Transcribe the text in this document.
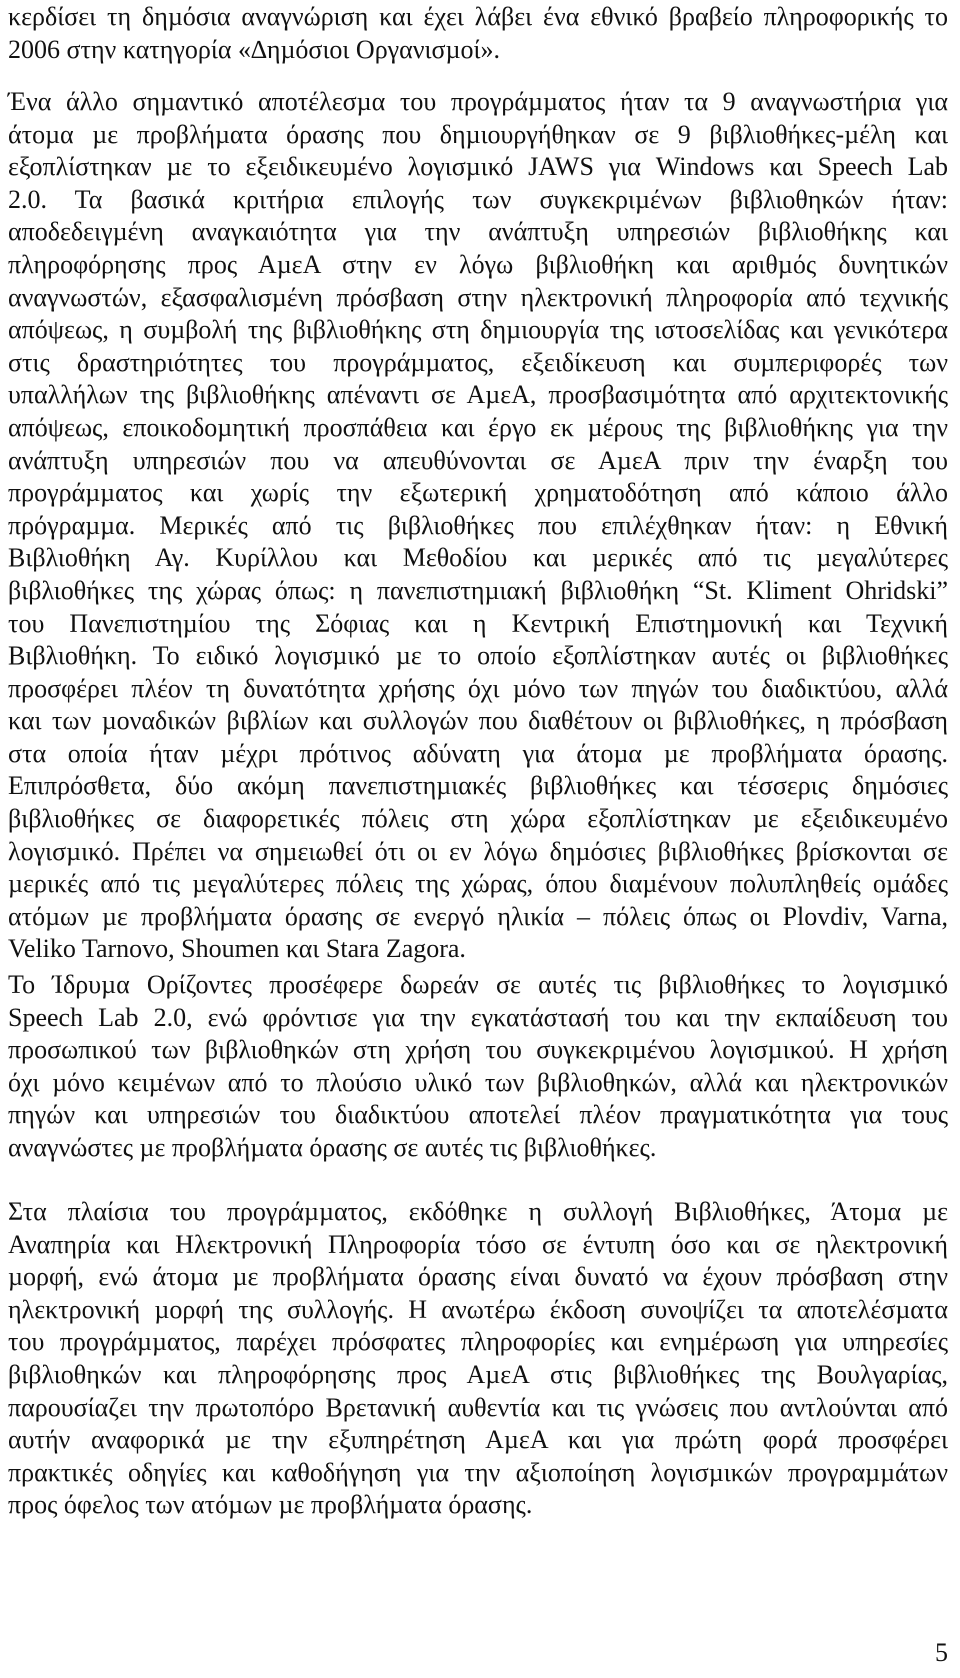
κερδίσει τη δηµόσια αναγνώριση και έχει λάβει ένα εθνικό βραβείο πληροφορικής το
2006 στην κατηγορία «∆ηµόσιοι Οργανισµοί».
Ένα άλλο σηµαντικό αποτέλεσµα του προγράµµατος ήταν τα 9 αναγνωστήρια για
άτοµα µε προβλήµατα όρασης που δηµιουργήθηκαν σε 9 βιβλιοθήκες-µέλη και
εξοπλίστηκαν µε το εξειδικευµένο λογισµικό JAWS για Windows και Speech Lab
2.0. Τα βασικά κριτήρια επιλογής των συγκεκριµένων βιβλιοθηκών ήταν:
αποδεδειγµένη αναγκαιότητα για την ανάπτυξη υπηρεσιών βιβλιοθήκης και
πληροφόρησης προς ΑµεΑ στην εν λόγω βιβλιοθήκη και αριθµός δυνητικών
αναγνωστών, εξασφαλισµένη πρόσβαση στην ηλεκτρονική πληροφορία από τεχνικής
απόψεως, η συµβολή της βιβλιοθήκης στη δηµιουργία της ιστοσελίδας και γενικότερα
στις δραστηριότητες του προγράµµατος, εξειδίκευση και συµπεριφορές των
υπαλλήλων της βιβλιοθήκης απέναντι σε ΑµεΑ, προσβασιµότητα από αρχιτεκτονικής
απόψεως, εποικοδοµητική προσπάθεια και έργο εκ µέρους της βιβλιοθήκης για την
ανάπτυξη υπηρεσιών που να απευθύνονται σε ΑµεΑ πριν την έναρξη του
προγράµµατος και χωρίς την εξωτερική χρηµατοδότηση από κάποιο άλλο
πρόγραµµα. Μερικές από τις βιβλιοθήκες που επιλέχθηκαν ήταν: η Εθνική
Βιβλιοθήκη Αγ. Κυρίλλου και Μεθοδίου και µερικές από τις µεγαλύτερες
βιβλιοθήκες της χώρας όπως: η πανεπιστηµιακή βιβλιοθήκη “St. Kliment Ohridski”
του Πανεπιστηµίου της Σόφιας και η Κεντρική Επιστηµονική και Τεχνική
Βιβλιοθήκη. Το ειδικό λογισµικό µε το οποίο εξοπλίστηκαν αυτές οι βιβλιοθήκες
προσφέρει πλέον τη δυνατότητα χρήσης όχι µόνο των πηγών του διαδικτύου, αλλά
και των µοναδικών βιβλίων και συλλογών που διαθέτουν οι βιβλιοθήκες, η πρόσβαση
στα οποία ήταν µέχρι πρότινος αδύνατη για άτοµα µε προβλήµατα όρασης.
Επιπρόσθετα, δύο ακόµη πανεπιστηµιακές βιβλιοθήκες και τέσσερις δηµόσιες
βιβλιοθήκες σε διαφορετικές πόλεις στη χώρα εξοπλίστηκαν µε εξειδικευµένο
λογισµικό. Πρέπει να σηµειωθεί ότι οι εν λόγω δηµόσιες βιβλιοθήκες βρίσκονται σε
µερικές από τις µεγαλύτερες πόλεις της χώρας, όπου διαµένουν πολυπληθείς οµάδες
ατόµων µε προβλήµατα όρασης σε ενεργό ηλικία – πόλεις όπως οι Plovdiv, Varna,
Veliko Tarnovo, Shoumen και Stara Zagora.
Το Ίδρυµα Ορίζοντες προσέφερε δωρεάν σε αυτές τις βιβλιοθήκες το λογισµικό
Speech Lab 2.0, ενώ φρόντισε για την εγκατάστασή του και την εκπαίδευση του
προσωπικού των βιβλιοθηκών στη χρήση του συγκεκριµένου λογισµικού. Η χρήση
όχι µόνο κειµένων από το πλούσιο υλικό των βιβλιοθηκών, αλλά και ηλεκτρονικών
πηγών και υπηρεσιών του διαδικτύου αποτελεί πλέον πραγµατικότητα για τους
αναγνώστες µε προβλήµατα όρασης σε αυτές τις βιβλιοθήκες.
Στα πλαίσια του προγράµµατος, εκδόθηκε η συλλογή Βιβλιοθήκες, Άτοµα µε
Αναπηρία και Ηλεκτρονική Πληροφορία τόσο σε έντυπη όσο και σε ηλεκτρονική
µορφή, ενώ άτοµα µε προβλήµατα όρασης είναι δυνατό να έχουν πρόσβαση στην
ηλεκτρονική µορφή της συλλογής. Η ανωτέρω έκδοση συνοψίζει τα αποτελέσµατα
του προγράµµατος, παρέχει πρόσφατες πληροφορίες και ενηµέρωση για υπηρεσίες
βιβλιοθηκών και πληροφόρησης προς ΑµεΑ στις βιβλιοθήκες της Βουλγαρίας,
παρουσίαζει την πρωτοπόρο Βρετανική αυθεντία και τις γνώσεις που αντλούνται από
αυτήν αναφορικά µε την εξυπηρέτηση ΑµεΑ και για πρώτη φορά προσφέρει
πρακτικές οδηγίες και καθοδήγηση για την αξιοποίηση λογισµικών προγραµµάτων
προς όφελος των ατόµων µε προβλήµατα όρασης.
5
